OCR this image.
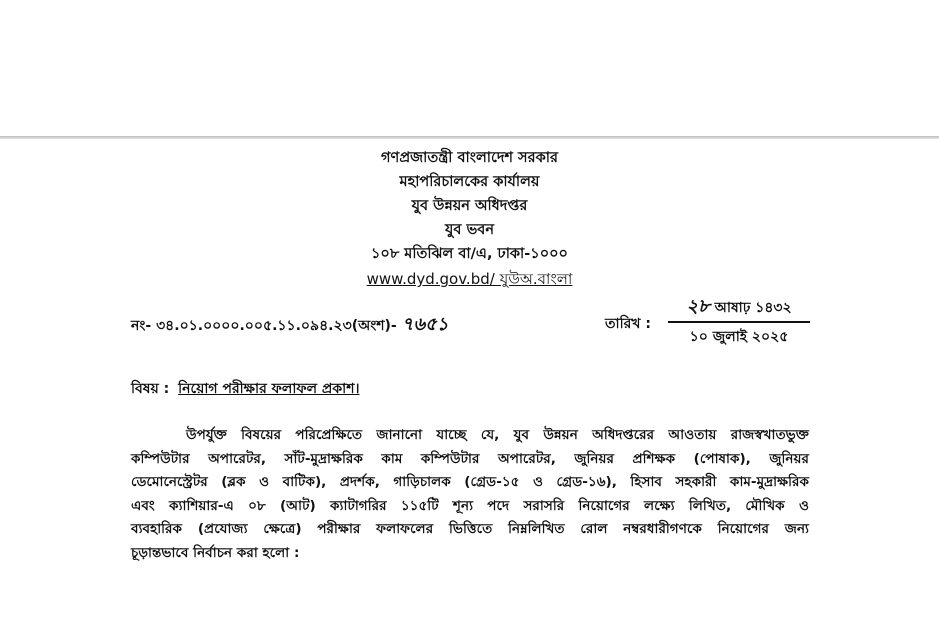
গণপ্রজাতন্ত্রী বাংলাদেশ সরকার
মহাপরিচালকের কার্যালয়
যুব উন্নয়ন অধিদপ্তর
যুব ভবন
১০৮ মতিঝিল বা/এ, ঢাকা-১০০০
www.dyd.gov.bd/ যুউঅ.বাংলা
নং- ৩৪.০১.০০০০.০০৫.১১.০৯৪.২৩(অংশ)- ৭৬৫১	তারিখ :
২৮ আষাঢ় ১৪৩২
১০ জুলাই ২০২৫
বিষয় : নিয়োগ পরীক্ষার ফলাফল প্রকাশ।
উপর্যুক্ত বিষয়ের পরিপ্রেক্ষিতে জানানো যাচ্ছে যে, যুব উন্নয়ন অধিদপ্তরের আওতায় রাজস্বখাতভুক্ত
কম্পিউটার অপারেটর, সাঁট-মুদ্রাক্ষরিক কাম কম্পিউটার অপারেটর, জুনিয়র প্রশিক্ষক (পোষাক), জুনিয়র
ডেমোনেস্ট্রেটর (ব্লক ও বাটিক), প্রদর্শক, গাড়িচালক (গ্রেড-১৫ ও গ্রেড-১৬), হিসাব সহকারী কাম-মুদ্রাক্ষরিক
এবং ক্যাশিয়ার-এ ০৮ (আট) ক্যাটাগরির ১১৫টি শূন্য পদে সরাসরি নিয়োগের লক্ষ্যে লিখিত, মৌখিক ও
ব্যবহারিক (প্রযোজ্য ক্ষেত্রে) পরীক্ষার ফলাফলের ভিত্তিতে নিম্নলিখিত রোল নম্বরধারীগণকে নিয়োগের জন্য
চূড়ান্তভাবে নির্বাচন করা হলো :
